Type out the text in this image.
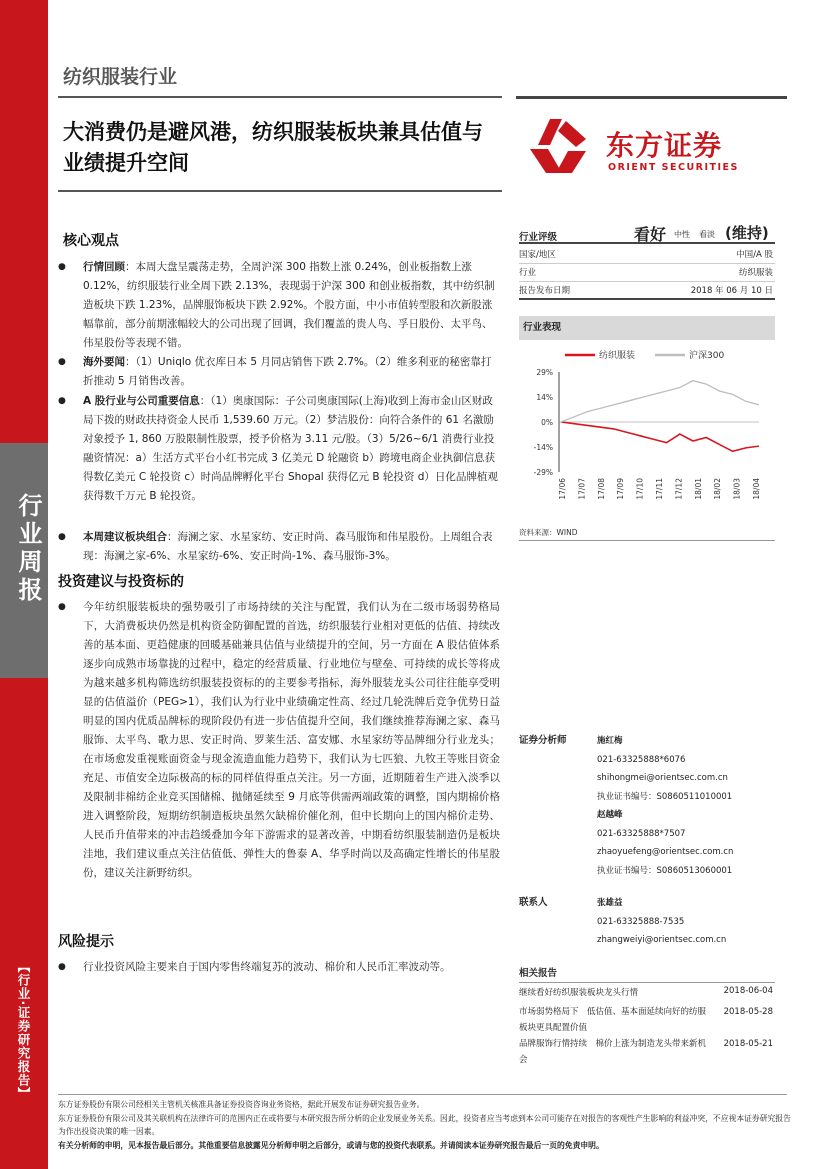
行业周报
【行业·证券研究报告】
纺织服装行业
大消费仍是避风港，纺织服装板块兼具估值与业绩提升空间
东方证券
ORIENT SECURITIES
核心观点
行情回顾：本周大盘呈震荡走势，全周沪深 300 指数上涨 0.24%，创业板指数上涨 0.12%，纺织服装行业全周下跌 2.13%，表现弱于沪深 300 和创业板指数，其中纺织制造板块下跌 1.23%，品牌服饰板块下跌 2.92%。个股方面，中小市值转型股和次新股涨幅靠前，部分前期涨幅较大的公司出现了回调，我们覆盖的贵人鸟、孚日股份、太平鸟、伟星股份等表现不错。
海外要闻：（1）Uniqlo 优衣库日本 5 月同店销售下跌 2.7%。（2）维多利亚的秘密靠打折推动 5 月销售改善。
A 股行业与公司重要信息：（1）奥康国际：子公司奥康国际(上海)收到上海市金山区财政局下拨的财政扶持资金人民币 1,539.60 万元。（2）梦洁股份：向符合条件的 61 名激励对象授予 1, 860 万股限制性股票，授予价格为 3.11 元/股。（3）5/26~6/1 消费行业投融资情况：a）生活方式平台小红书完成 3 亿美元 D 轮融资 b）跨境电商企业执御信息获得数亿美元 C 轮投资 c）时尚品牌孵化平台 Shopal 获得亿元 B 轮投资 d）日化品牌植观获得数千万元 B 轮投资。
本周建议板块组合：海澜之家、水星家纺、安正时尚、森马服饰和伟星股份。上周组合表现：海澜之家-6%、水星家纺-6%、安正时尚-1%、森马服饰-3%。
●
●
●
●
投资建议与投资标的
● 今年纺织服装板块的强势吸引了市场持续的关注与配置，我们认为在二级市场弱势格局下，大消费板块仍然是机构资金防御配置的首选，纺织服装行业相对更低的估值、持续改善的基本面、更趋健康的回暖基础兼具估值与业绩提升的空间，另一方面在 A 股估值体系逐步向成熟市场靠拢的过程中，稳定的经营质量、行业地位与壁垒、可持续的成长等将成为越来越多机构筛选纺织服装投资标的的主要参考指标，海外服装龙头公司往往能享受明显的估值溢价（PEG>1），我们认为行业中业绩确定性高、经过几轮洗牌后竞争优势日益明显的国内优质品牌标的现阶段仍有进一步估值提升空间，我们继续推荐海澜之家、森马服饰、太平鸟、歌力思、安正时尚、罗莱生活、富安娜、水星家纺等品牌细分行业龙头；在市场愈发重视账面资金与现金流造血能力趋势下，我们认为七匹狼、九牧王等账目资金充足、市值安全边际极高的标的同样值得重点关注。另一方面，近期随着生产进入淡季以及限制非棉纺企业竞买国储棉、抛储延续至 9 月底等供需两端政策的调整，国内期棉价格进入调整阶段，短期纺织制造板块虽然欠缺棉价催化剂，但中长期向上的国内棉价走势、人民币升值带来的冲击趋缓叠加今年下游需求的显著改善，中期看纺织服装制造仍是板块洼地，我们建议重点关注估值低、弹性大的鲁泰 A、华孚时尚以及高确定性增长的伟星股份，建议关注新野纺织。
风险提示
● 行业投资风险主要来自于国内零售终端复苏的波动、棉价和人民币汇率波动等。
行业评级	看好 中性 看淡 (维持)
国家/地区	中国/A 股
行业	纺织服装
报告发布日期	2018 年 06 月 10 日
行业表现
纺织服装	沪深300
29%
14%
0%
-14%
-29%
17/06 17/07 17/08 17/09 17/10 17/11 17/12 18/01 18/02 18/03 18/04
资料来源：WIND
证券分析师	施红梅
021-63325888*6076
shihongmei@orientsec.com.cn
执业证书编号：S0860511010001
赵越峰
021-63325888*7507
zhaoyuefeng@orientsec.com.cn
执业证书编号：S0860513060001
联系人	张雄益
021-63325888-7535
zhangweiyi@orientsec.com.cn
相关报告
继续看好纺织服装板块龙头行情	2018-06-04
市场弱势格局下　低估值、基本面延续向好的纺服板块更具配置价值
2018-05-28
品牌服饰行情持续　棉价上涨为制造龙头带来新机会
2018-05-21
东方证券股份有限公司经相关主管机关核准具备证券投资咨询业务资格，据此开展发布证券研究报告业务。
东方证券股份有限公司及其关联机构在法律许可的范围内正在或将要与本研究报告所分析的企业发展业务关系。因此，投资者应当考虑到本公司可能存在对报告的客观性产生影响的利益冲突，不应视本证券研究报告为作出投资决策的唯一因素。
有关分析师的申明，见本报告最后部分。其他重要信息披露见分析师申明之后部分，或请与您的投资代表联系。并请阅读本证券研究报告最后一页的免责申明。
